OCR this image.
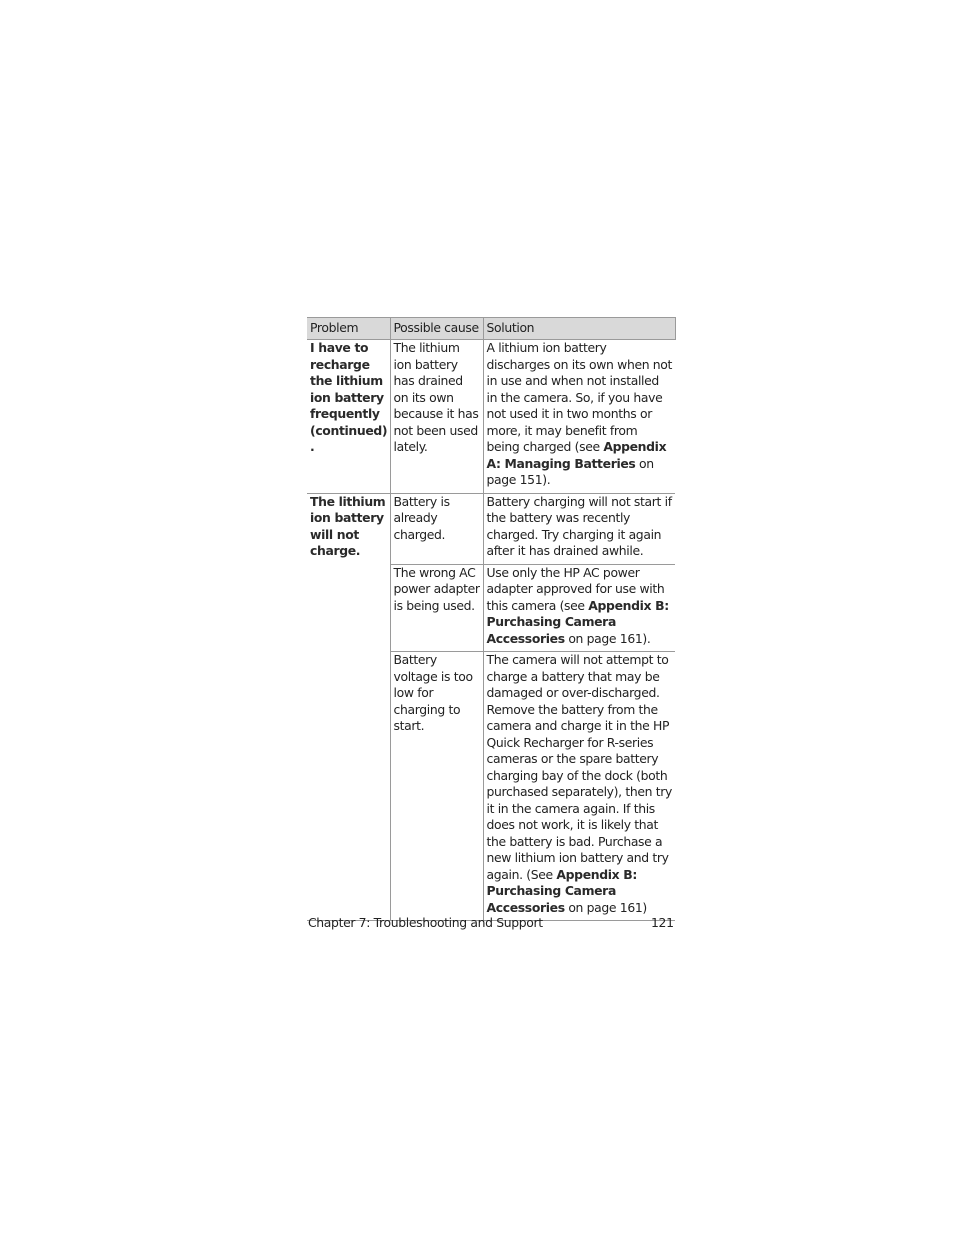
Problem	Possible cause	Solution
I have to recharge the lithium ion battery frequently (continued).	The lithium ion battery has drained on its own because it has not been used lately.	A lithium ion battery discharges on its own when not in use and when not installed in the camera. So, if you have not used it in two months or more, it may benefit from being charged (see Appendix A: Managing Batteries on page 151).
The lithium ion battery will not charge.	Battery is already charged.	Battery charging will not start if the battery was recently charged. Try charging it again after it has drained awhile.
	The wrong AC power adapter is being used.	Use only the HP AC power adapter approved for use with this camera (see Appendix B: Purchasing Camera Accessories on page 161).
	Battery voltage is too low for charging to start.	The camera will not attempt to charge a battery that may be damaged or over-discharged. Remove the battery from the camera and charge it in the HP Quick Recharger for R-series cameras or the spare battery charging bay of the dock (both purchased separately), then try it in the camera again. If this does not work, it is likely that the battery is bad. Purchase a new lithium ion battery and try again. (See Appendix B: Purchasing Camera Accessories on page 161)
Chapter 7: Troubleshooting and Support	121
